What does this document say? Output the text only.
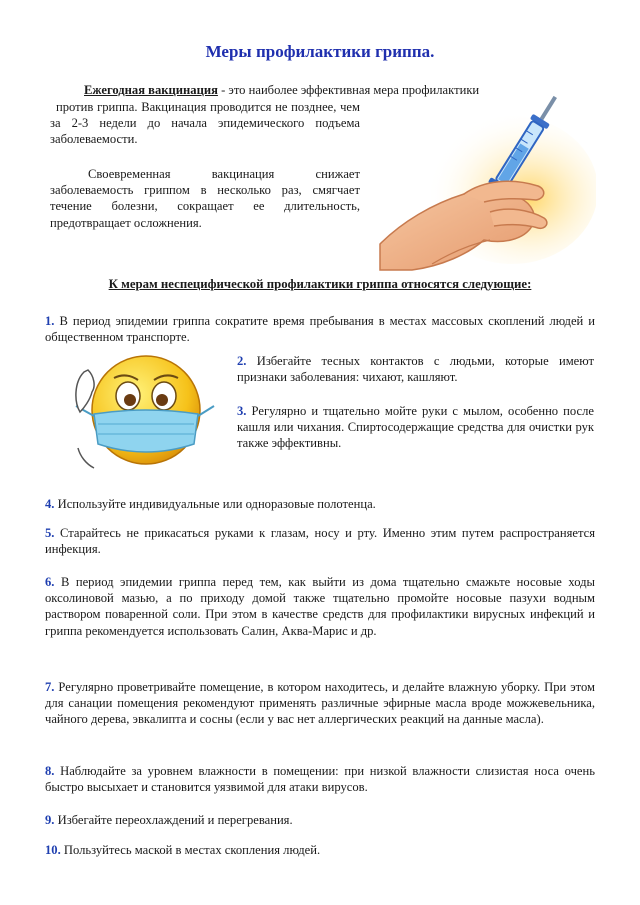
Меры профилактики гриппа.
Ежегодная вакцинация - это наиболее эффективная мера профилактики
против гриппа. Вакцинация проводится не позднее, чем за 2-3 недели до начала эпидемического подъема заболеваемости.
Своевременная вакцинация снижает заболеваемость гриппом в несколько раз, смягчает течение болезни, сокращает ее длительность, предотвращает осложнения.
К мерам неспецифической профилактики гриппа относятся следующие:
1. В период эпидемии гриппа сократите время пребывания в местах массовых скоплений людей и общественном транспорте.
2. Избегайте тесных контактов с людьми, которые имеют признаки заболевания: чихают, кашляют.
3. Регулярно и тщательно мойте руки с мылом, особенно после кашля или чихания. Спиртосодержащие средства для очистки рук также эффективны.
4. Используйте индивидуальные или одноразовые полотенца.
5. Старайтесь не прикасаться руками к глазам, носу и рту. Именно этим путем распространяется инфекция.
6. В период эпидемии гриппа перед тем, как выйти из дома тщательно смажьте носовые ходы оксолиновой мазью, а по приходу домой также тщательно промойте носовые пазухи водным раствором поваренной соли. При этом в качестве средств для профилактики вирусных инфекций и гриппа рекомендуется использовать Салин, Аква-Марис и др.
7. Регулярно проветривайте помещение, в котором находитесь, и делайте влажную уборку. При этом для санации помещения рекомендуют применять различные эфирные масла вроде можжевельника, чайного дерева, эвкалипта и сосны (если у вас нет аллергических реакций на данные масла).
8. Наблюдайте за уровнем влажности в помещении: при низкой влажности слизистая носа очень быстро высыхает и становится уязвимой для атаки вирусов.
9. Избегайте переохлаждений и перегревания.
10. Пользуйтесь маской в местах скопления людей.
